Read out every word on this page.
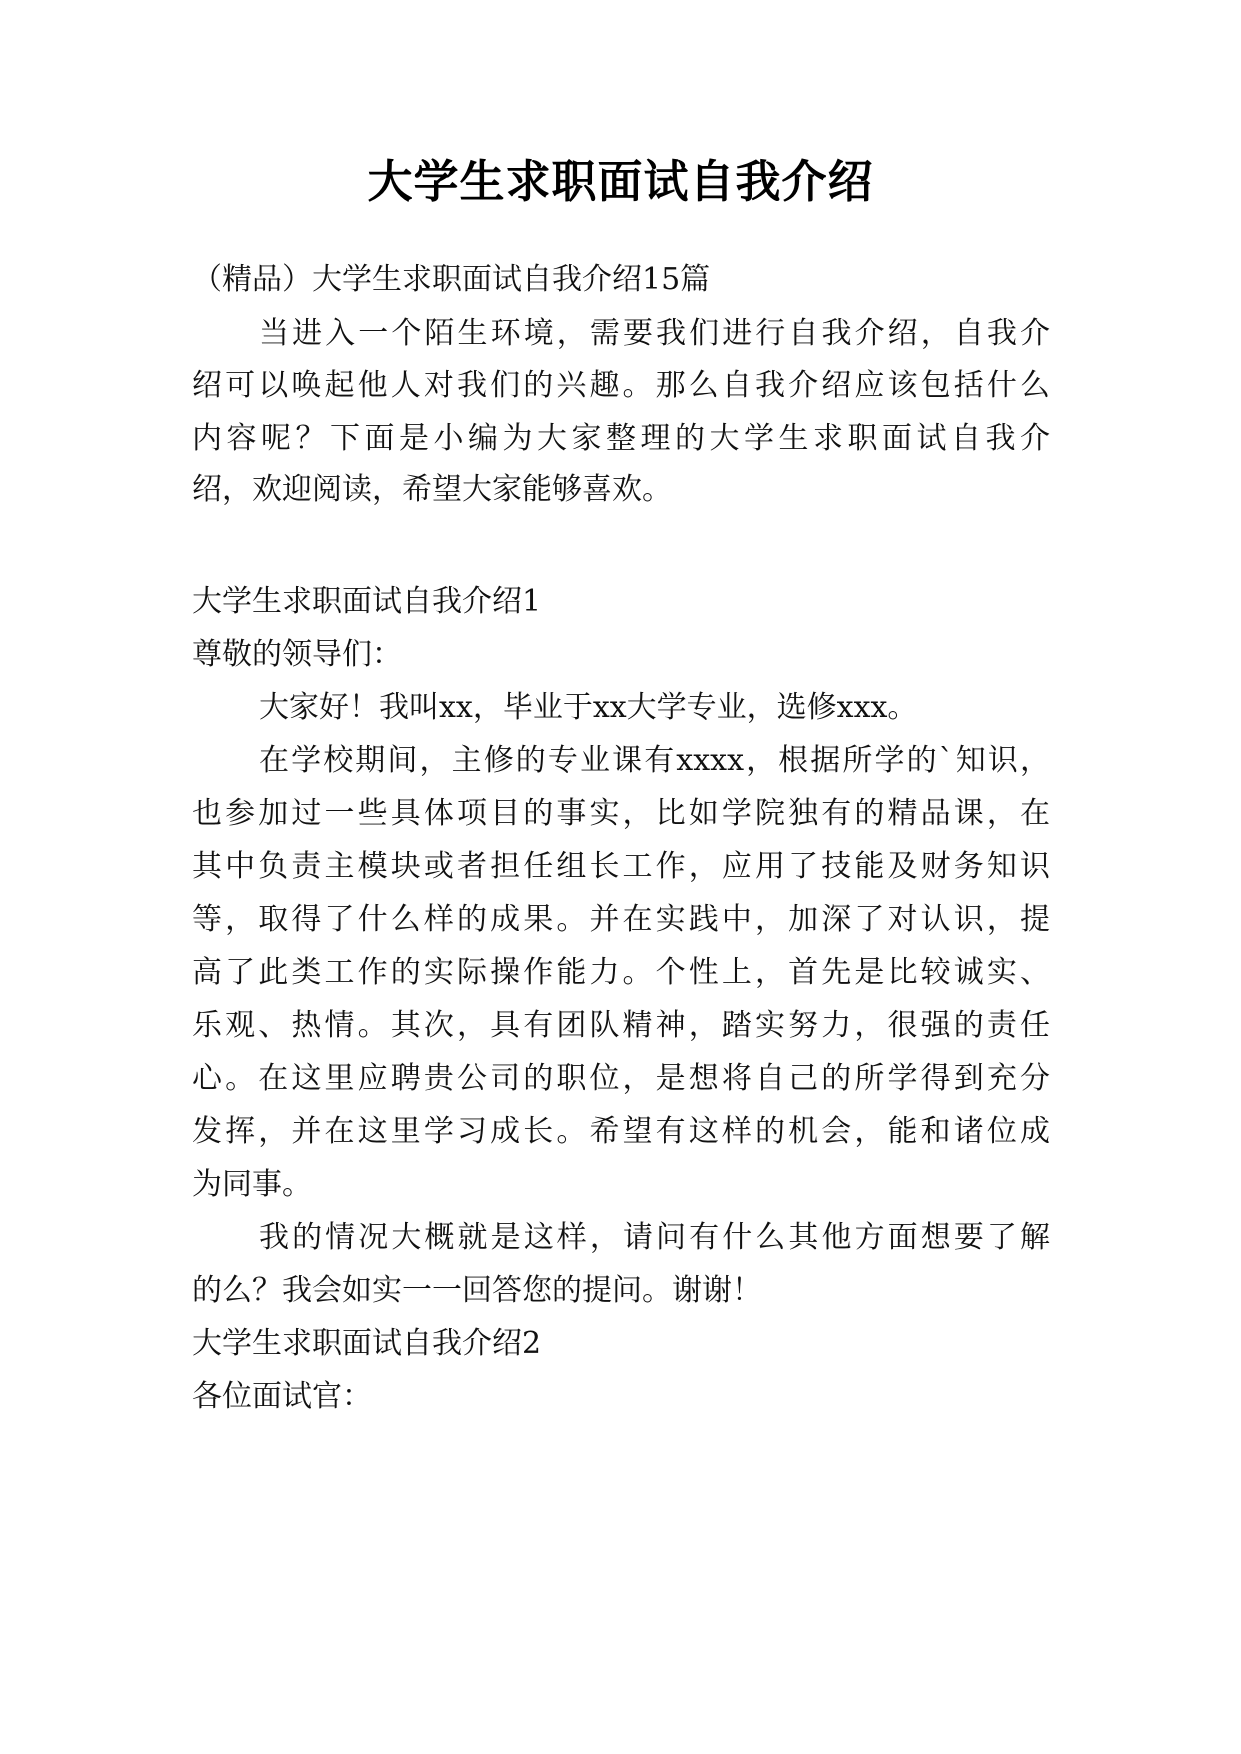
大学生求职面试自我介绍
（精品）大学生求职面试自我介绍15篇
当进入一个陌生环境，需要我们进行自我介绍，自我介
绍可以唤起他人对我们的兴趣。那么自我介绍应该包括什么
内容呢？下面是小编为大家整理的大学生求职面试自我介
绍，欢迎阅读，希望大家能够喜欢。
大学生求职面试自我介绍1
尊敬的领导们：
大家好！我叫xx，毕业于xx大学专业，选修xxx。
在学校期间，主修的专业课有xxxx，根据所学的`知识，
也参加过一些具体项目的事实，比如学院独有的精品课，在
其中负责主模块或者担任组长工作，应用了技能及财务知识
等，取得了什么样的成果。并在实践中，加深了对认识，提
高了此类工作的实际操作能力。个性上，首先是比较诚实、
乐观、热情。其次，具有团队精神，踏实努力，很强的责任
心。在这里应聘贵公司的职位，是想将自己的所学得到充分
发挥，并在这里学习成长。希望有这样的机会，能和诸位成
为同事。
我的情况大概就是这样，请问有什么其他方面想要了解
的么？我会如实一一回答您的提问。谢谢！
大学生求职面试自我介绍2
各位面试官：
